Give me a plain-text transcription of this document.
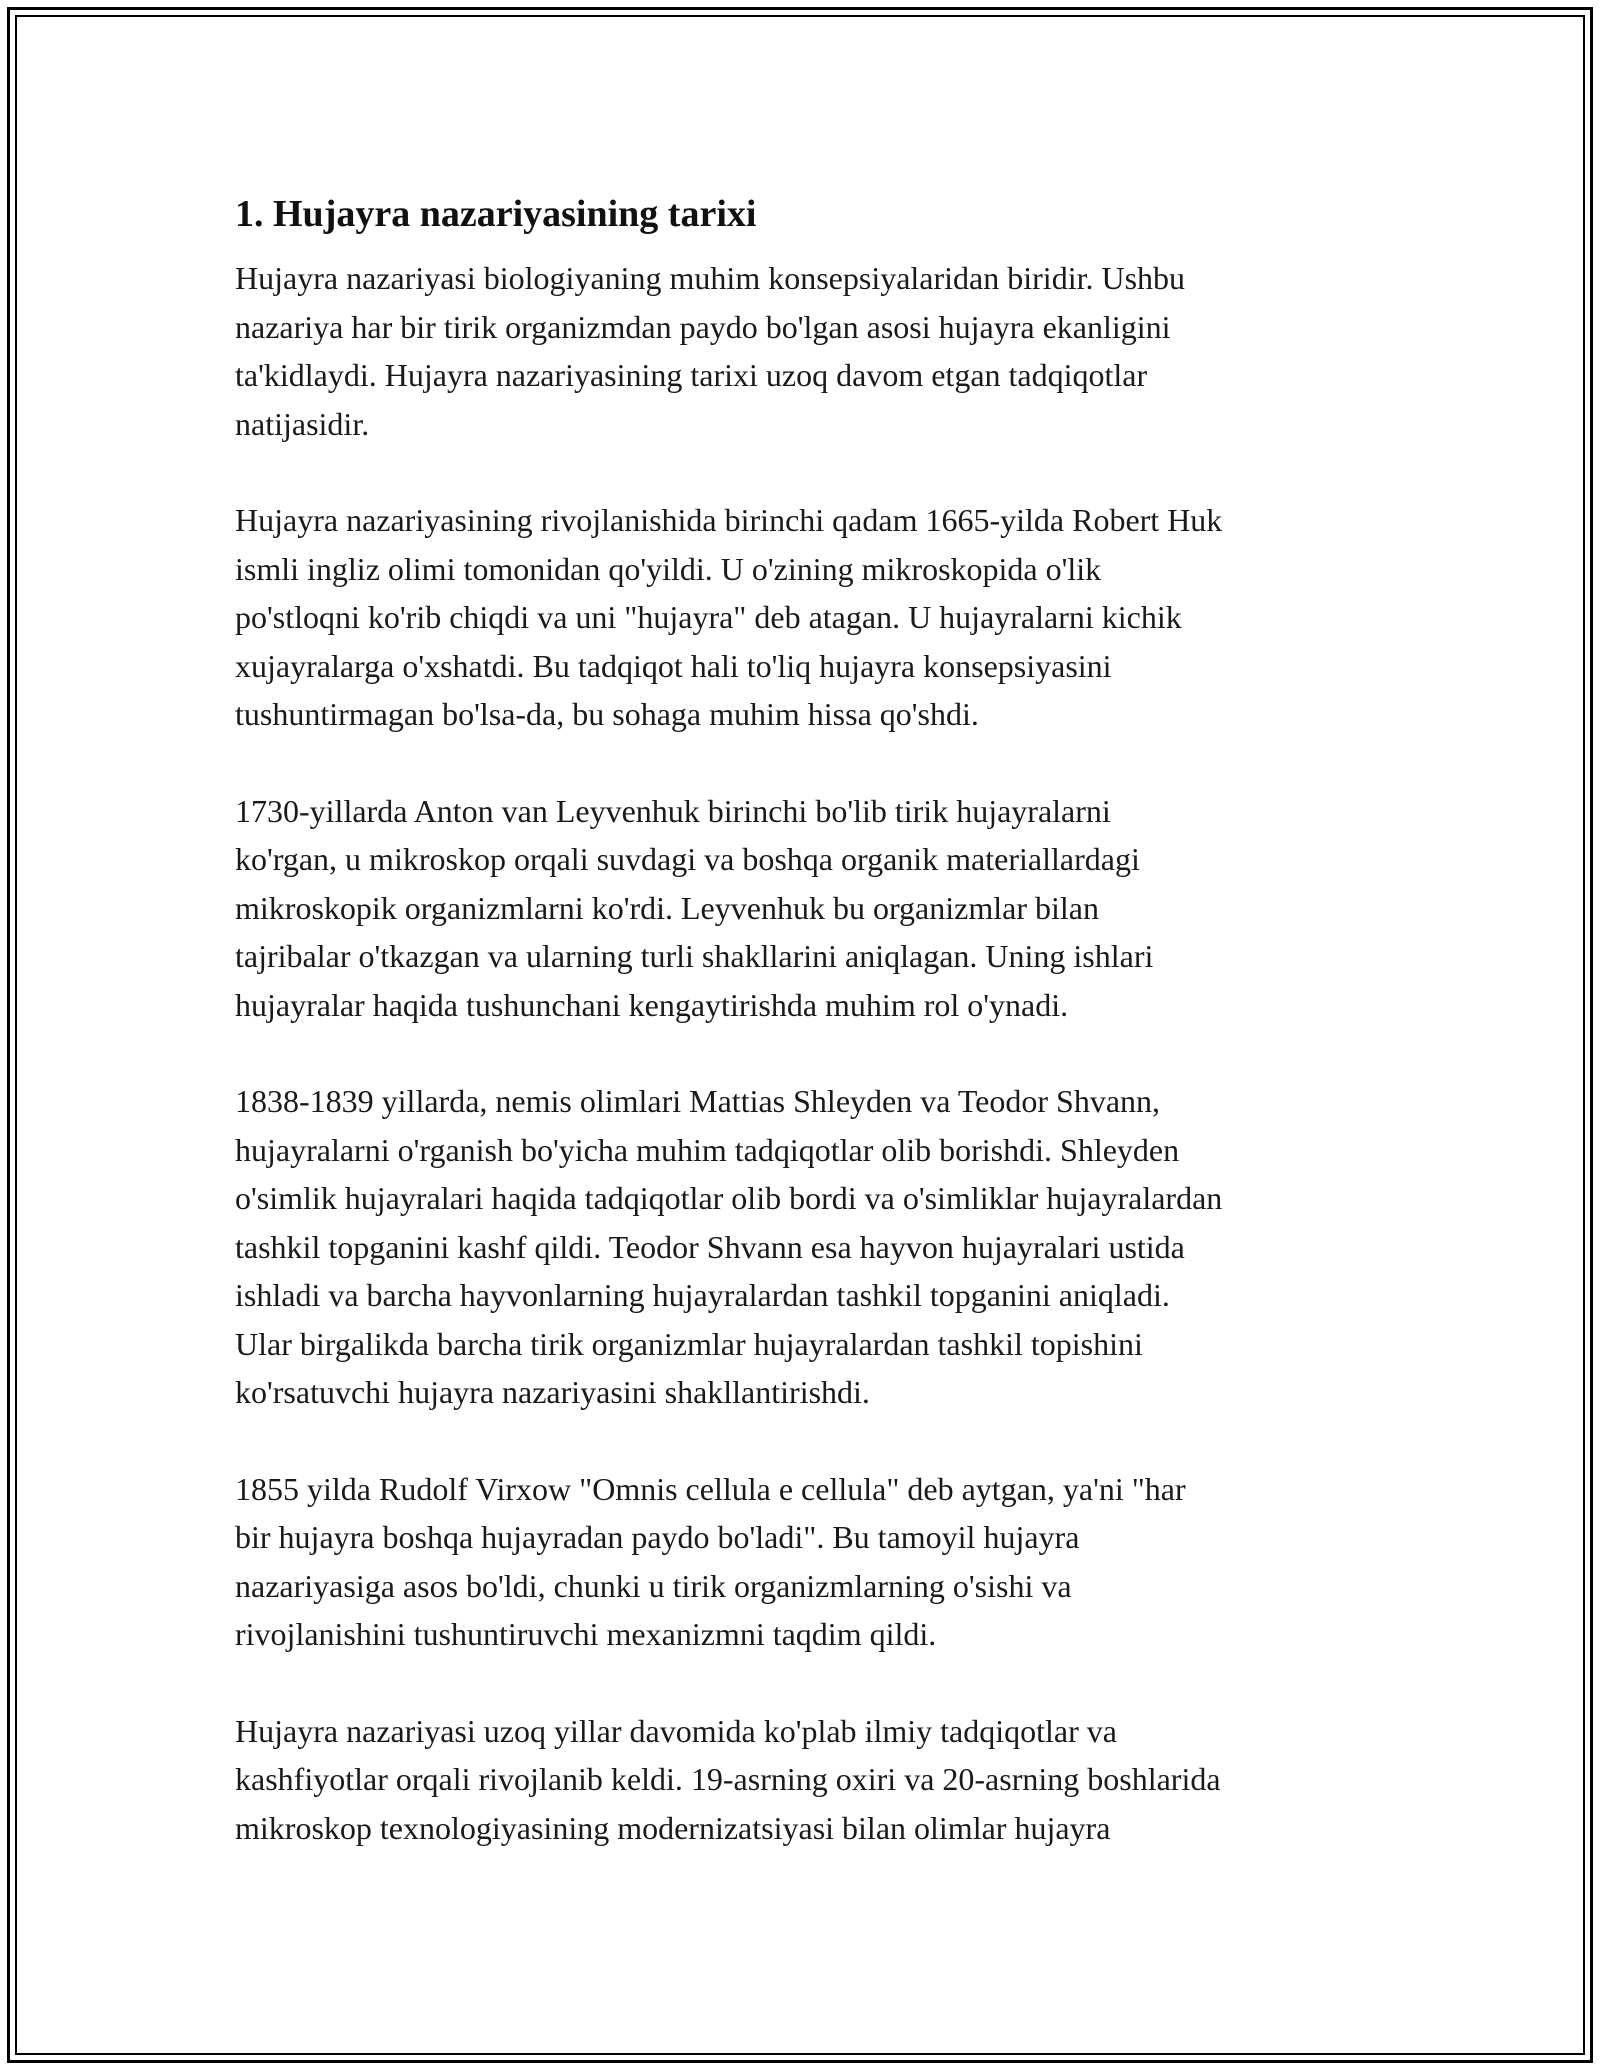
1. Hujayra nazariyasining tarixi

Hujayra nazariyasi biologiyaning muhim konsepsiyalaridan biridir. Ushbu
nazariya har bir tirik organizmdan paydo bo'lgan asosi hujayra ekanligini
ta'kidlaydi. Hujayra nazariyasining tarixi uzoq davom etgan tadqiqotlar
natijasidir.

Hujayra nazariyasining rivojlanishida birinchi qadam 1665-yilda Robert Huk
ismli ingliz olimi tomonidan qo'yildi. U o'zining mikroskopida o'lik
po'stloqni ko'rib chiqdi va uni "hujayra" deb atagan. U hujayralarni kichik
xujayralarga o'xshatdi. Bu tadqiqot hali to'liq hujayra konsepsiyasini
tushuntirmagan bo'lsa-da, bu sohaga muhim hissa qo'shdi.

1730-yillarda Anton van Leyvenhuk birinchi bo'lib tirik hujayralarni
ko'rgan, u mikroskop orqali suvdagi va boshqa organik materiallardagi
mikroskopik organizmlarni ko'rdi. Leyvenhuk bu organizmlar bilan
tajribalar o'tkazgan va ularning turli shakllarini aniqlagan. Uning ishlari
hujayralar haqida tushunchani kengaytirishda muhim rol o'ynadi.

1838-1839 yillarda, nemis olimlari Mattias Shleyden va Teodor Shvann,
hujayralarni o'rganish bo'yicha muhim tadqiqotlar olib borishdi. Shleyden
o'simlik hujayralari haqida tadqiqotlar olib bordi va o'simliklar hujayralardan
tashkil topganini kashf qildi. Teodor Shvann esa hayvon hujayralari ustida
ishladi va barcha hayvonlarning hujayralardan tashkil topganini aniqladi.
Ular birgalikda barcha tirik organizmlar hujayralardan tashkil topishini
ko'rsatuvchi hujayra nazariyasini shakllantirishdi.

1855 yilda Rudolf Virxow "Omnis cellula e cellula" deb aytgan, ya'ni "har
bir hujayra boshqa hujayradan paydo bo'ladi". Bu tamoyil hujayra
nazariyasiga asos bo'ldi, chunki u tirik organizmlarning o'sishi va
rivojlanishini tushuntiruvchi mexanizmni taqdim qildi.

Hujayra nazariyasi uzoq yillar davomida ko'plab ilmiy tadqiqotlar va
kashfiyotlar orqali rivojlanib keldi. 19-asrning oxiri va 20-asrning boshlarida
mikroskop texnologiyasining modernizatsiyasi bilan olimlar hujayra
